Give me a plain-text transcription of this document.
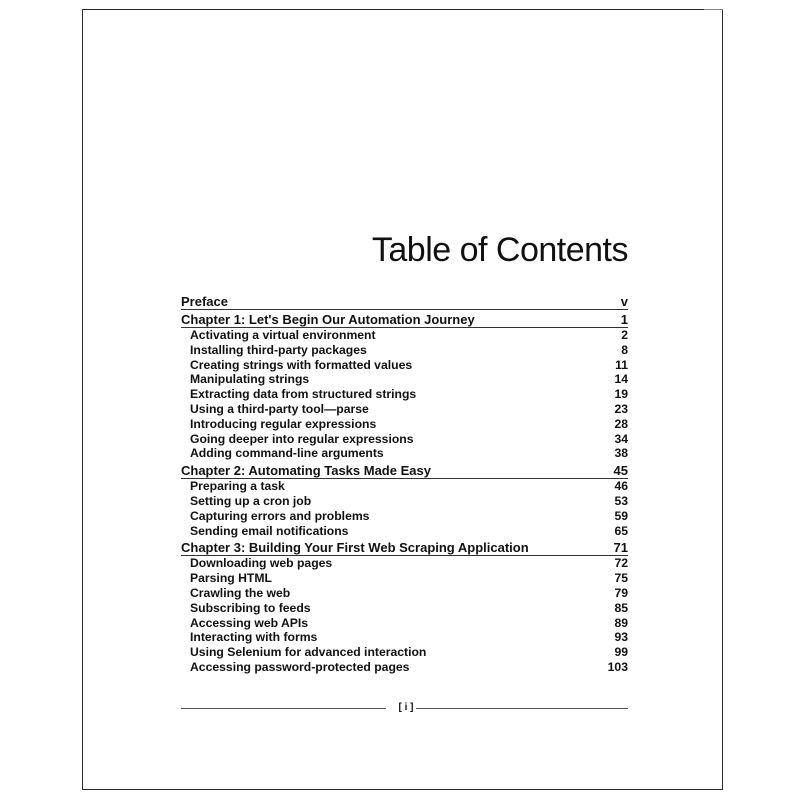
Table of Contents
Preface	v
Chapter 1: Let's Begin Our Automation Journey	1
Activating a virtual environment	2
Installing third-party packages	8
Creating strings with formatted values	11
Manipulating strings	14
Extracting data from structured strings	19
Using a third-party tool—parse	23
Introducing regular expressions	28
Going deeper into regular expressions	34
Adding command-line arguments	38
Chapter 2: Automating Tasks Made Easy	45
Preparing a task	46
Setting up a cron job	53
Capturing errors and problems	59
Sending email notifications	65
Chapter 3: Building Your First Web Scraping Application	71
Downloading web pages	72
Parsing HTML	75
Crawling the web	79
Subscribing to feeds	85
Accessing web APIs	89
Interacting with forms	93
Using Selenium for advanced interaction	99
Accessing password-protected pages	103
[ i ]
